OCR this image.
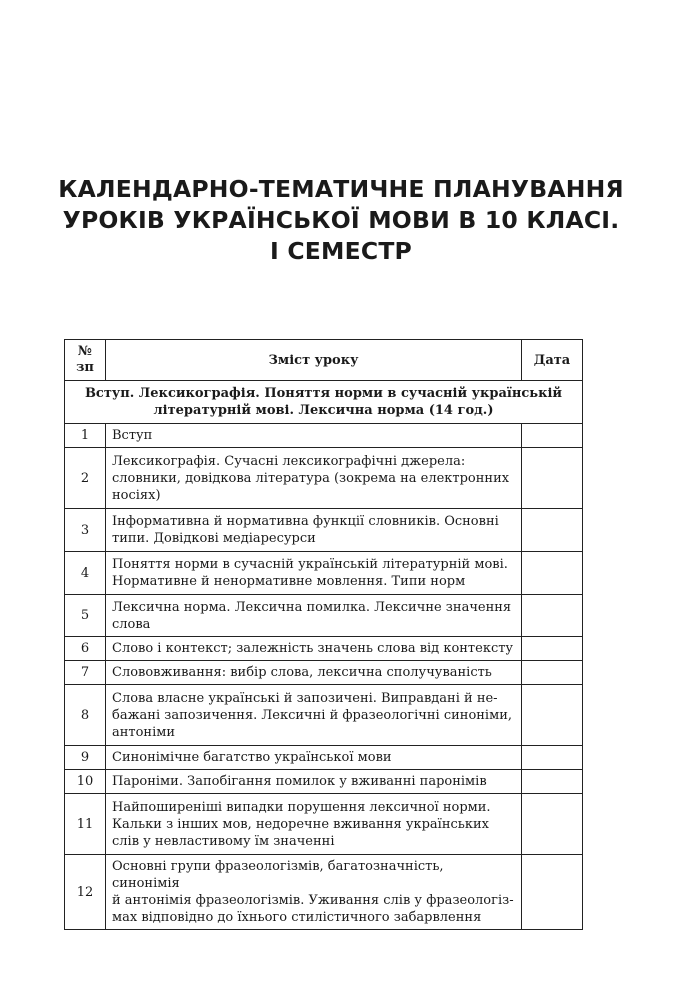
КАЛЕНДАРНО-ТЕМАТИЧНЕ ПЛАНУВАННЯ
УРОКІВ УКРАЇНСЬКОЇ МОВИ В 10 КЛАСІ.
І СЕМЕСТР
№
зп	Зміст уроку	Дата
Вступ. Лексикографія. Поняття норми в сучасній українській
літературній мові. Лексична норма (14 год.)		
1	Вступ	
2	Лексикографія. Сучасні лексикографічні джерела:
словники, довідкова література (зокрема на електронних
носіях)	
3	Інформативна й нормативна функції словників. Основні
типи. Довідкові медіаресурси	
4	Поняття норми в сучасній українській літературній мові.
Нормативне й ненормативне мовлення. Типи норм	
5	Лексична норма. Лексична помилка. Лексичне значення
слова	
6	Слово і контекст; залежність значень слова від контексту	
7	Слововживання: вибір слова, лексична сполучуваність	
8	Слова власне українські й запозичені. Виправдані й не-
бажані запозичення. Лексичні й фразеологічні синоніми,
антоніми	
9	Синонімічне багатство української мови	
10	Пароніми. Запобігання помилок у вживанні паронімів	
11	Найпоширеніші випадки порушення лексичної норми.
Кальки з інших мов, недоречне вживання українських
слів у невластивому їм значенні	
12	Основні групи фразеологізмів, багатозначність, синонімія
й антонімія фразеологізмів. Уживання слів у фразеологіз-
мах відповідно до їхнього стилістичного забарвлення	
